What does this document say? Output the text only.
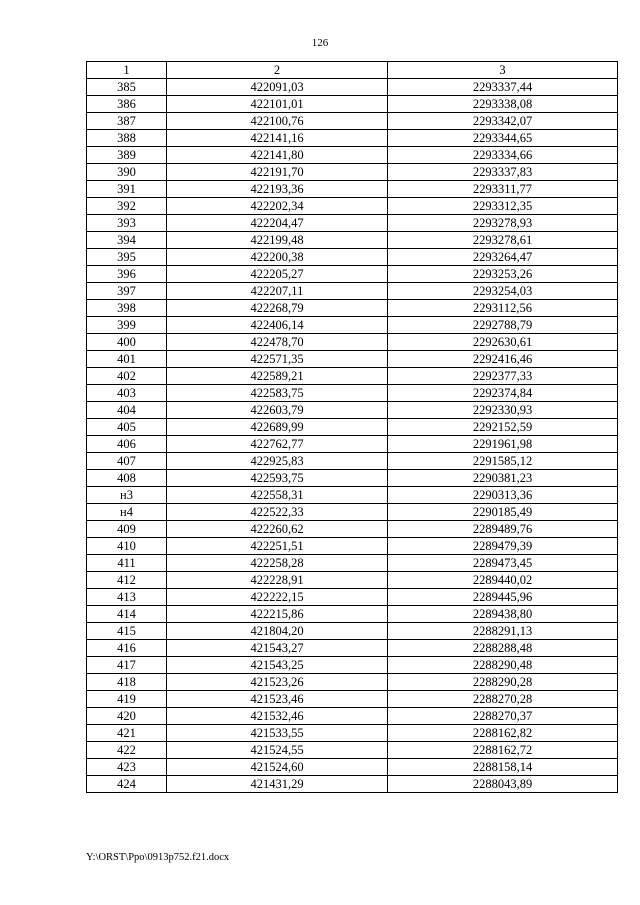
126
1	2	3
385	422091,03	2293337,44
386	422101,01	2293338,08
387	422100,76	2293342,07
388	422141,16	2293344,65
389	422141,80	2293334,66
390	422191,70	2293337,83
391	422193,36	2293311,77
392	422202,34	2293312,35
393	422204,47	2293278,93
394	422199,48	2293278,61
395	422200,38	2293264,47
396	422205,27	2293253,26
397	422207,11	2293254,03
398	422268,79	2293112,56
399	422406,14	2292788,79
400	422478,70	2292630,61
401	422571,35	2292416,46
402	422589,21	2292377,33
403	422583,75	2292374,84
404	422603,79	2292330,93
405	422689,99	2292152,59
406	422762,77	2291961,98
407	422925,83	2291585,12
408	422593,75	2290381,23
н3	422558,31	2290313,36
н4	422522,33	2290185,49
409	422260,62	2289489,76
410	422251,51	2289479,39
411	422258,28	2289473,45
412	422228,91	2289440,02
413	422222,15	2289445,96
414	422215,86	2289438,80
415	421804,20	2288291,13
416	421543,27	2288288,48
417	421543,25	2288290,48
418	421523,26	2288290,28
419	421523,46	2288270,28
420	421532,46	2288270,37
421	421533,55	2288162,82
422	421524,55	2288162,72
423	421524,60	2288158,14
424	421431,29	2288043,89
Y:\ORST\Ppo\0913p752.f21.docx
